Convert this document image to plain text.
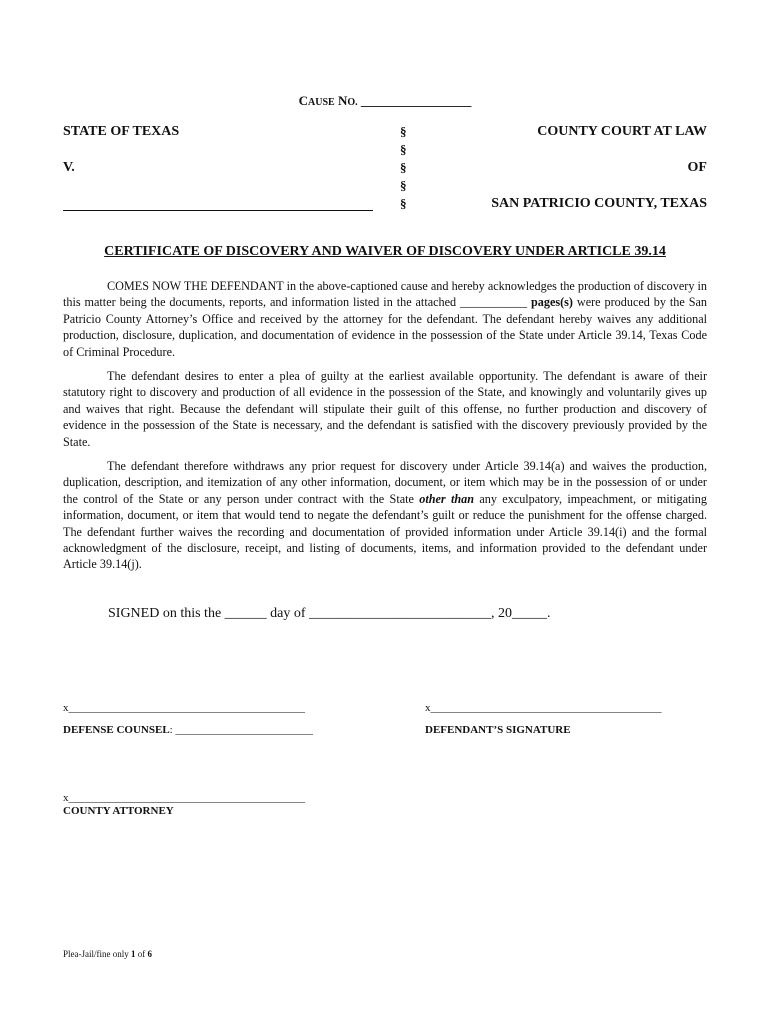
CAUSE NO. _________________
STATE OF TEXAS
V.
§
§
§
§
§
COUNTY COURT AT LAW
OF
SAN PATRICIO COUNTY, TEXAS
CERTIFICATE OF DISCOVERY AND WAIVER OF DISCOVERY UNDER ARTICLE 39.14
COMES NOW THE DEFENDANT in the above-captioned cause and hereby acknowledges the production of discovery in this matter being the documents, reports, and information listed in the attached ___________ pages(s) were produced by the San Patricio County Attorney’s Office and received by the attorney for the defendant. The defendant hereby waives any additional production, disclosure, duplication, and documentation of evidence in the possession of the State under Article 39.14, Texas Code of Criminal Procedure.
The defendant desires to enter a plea of guilty at the earliest available opportunity. The defendant is aware of their statutory right to discovery and production of all evidence in the possession of the State, and knowingly and voluntarily gives up and waives that right. Because the defendant will stipulate their guilt of this offense, no further production and discovery of evidence in the possession of the State is necessary, and the defendant is satisfied with the discovery previously provided by the State.
The defendant therefore withdraws any prior request for discovery under Article 39.14(a) and waives the production, duplication, description, and itemization of any other information, document, or item which may be in the possession of or under the control of the State or any person under contract with the State other than any exculpatory, impeachment, or mitigating information, document, or item that would tend to negate the defendant’s guilt or reduce the punishment for the offense charged. The defendant further waives the recording and documentation of provided information under Article 39.14(i) and the formal acknowledgment of the disclosure, receipt, and listing of documents, items, and information provided to the defendant under Article 39.14(j).
SIGNED on this the ______ day of __________________________, 20_____.
x___________________________________________
DEFENSE COUNSEL: _________________________
x__________________________________________
DEFENDANT’S SIGNATURE
x___________________________________________
COUNTY ATTORNEY
Plea-Jail/fine only 1 of 6
